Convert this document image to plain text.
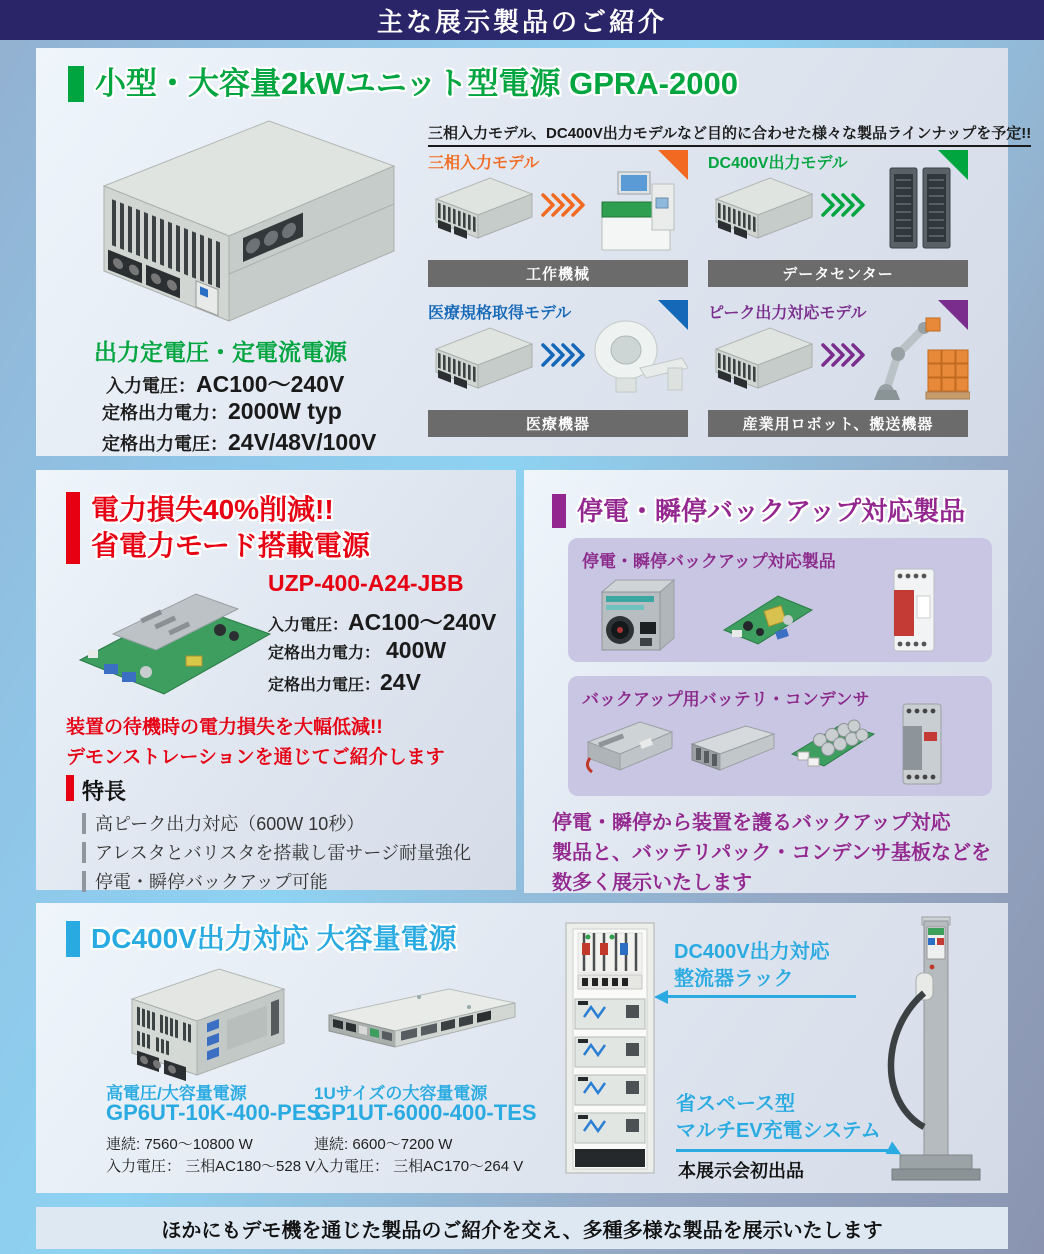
主な展示製品のご紹介
小型・大容量2kWユニット型電源 GPRA-2000
出力定電圧・定電流電源
入力電圧：AC100〜240V
定格出力電力：2000W typ
定格出力電圧：24V/48V/100V
三相入力モデル、DC400V出力モデルなど目的に合わせた様々な製品ラインナップを予定!!
三相入力モデル
工作機械
DC400V出力モデル
データセンター
医療規格取得モデル
医療機器
ピーク出力対応モデル
産業用ロボット、搬送機器
電力損失40%削減!!
省電力モード搭載電源
UZP-400-A24-JBB
入力電圧：AC100〜240V
定格出力電力： 400W
定格出力電圧：24V
装置の待機時の電力損失を大幅低減!!
デモンストレーションを通じてご紹介します
特長
高ピーク出力対応（600W 10秒）
アレスタとバリスタを搭載し雷サージ耐量強化
停電・瞬停バックアップ可能
停電・瞬停バックアップ対応製品
停電・瞬停バックアップ対応製品
バックアップ用バッテリ・コンデンサ
停電・瞬停から装置を護るバックアップ対応
製品と、バッテリパック・コンデンサ基板などを
数多く展示いたします
DC400V出力対応 大容量電源
高電圧/大容量電源
GP6UT-10K-400-PES
連続: 7560〜10800 W
入力電圧： 三相AC180〜528 V
1Uサイズの大容量電源
GP1UT-6000-400-TES
連続: 6600〜7200 W
入力電圧： 三相AC170〜264 V
DC400V出力対応
整流器ラック
省スペース型
マルチEV充電システム
本展示会初出品
ほかにもデモ機を通じた製品のご紹介を交え、多種多様な製品を展示いたします
